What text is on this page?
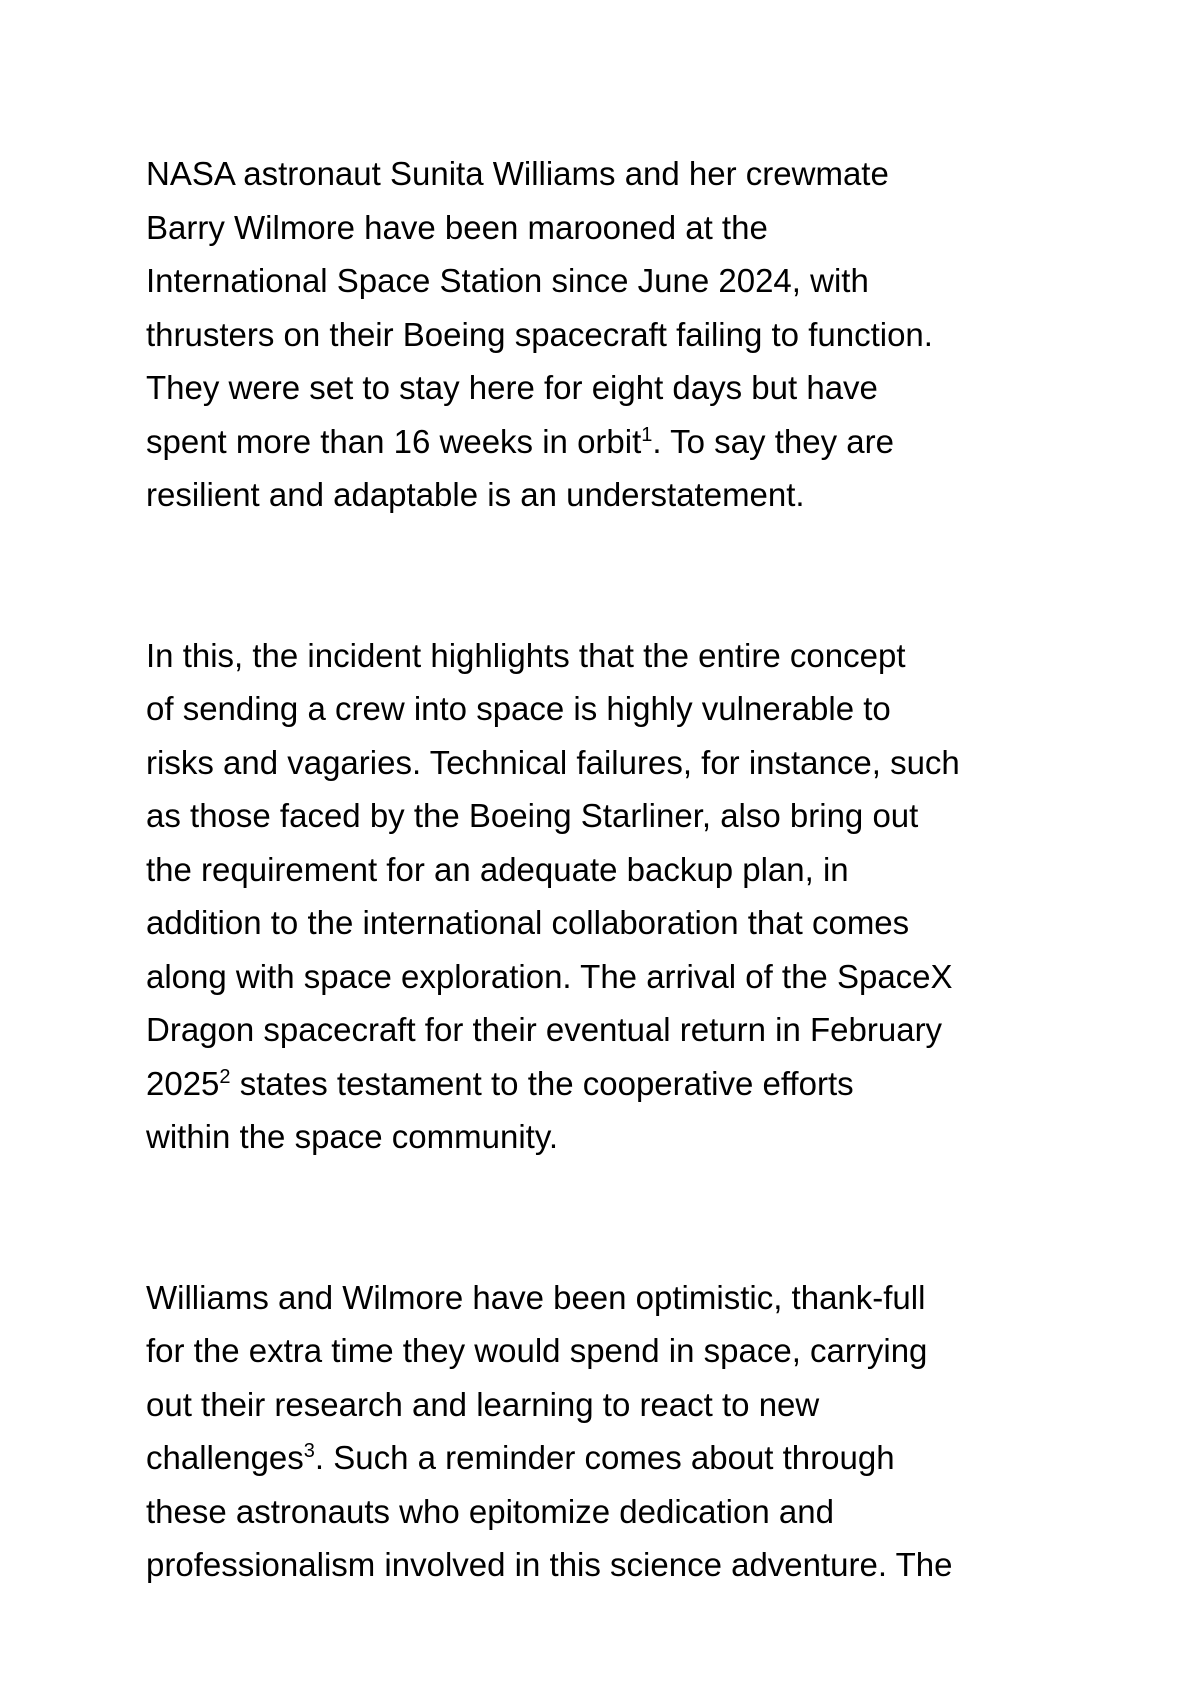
NASA astronaut Sunita Williams and her crewmate
Barry Wilmore have been marooned at the
International Space Station since June 2024, with
thrusters on their Boeing spacecraft failing to function.
They were set to stay here for eight days but have
spent more than 16 weeks in orbit$^1$. To say they are
resilient and adaptable is an understatement.
In this, the incident highlights that the entire concept
of sending a crew into space is highly vulnerable to
risks and vagaries. Technical failures, for instance, such
as those faced by the Boeing Starliner, also bring out
the requirement for an adequate backup plan, in
addition to the international collaboration that comes
along with space exploration. The arrival of the SpaceX
Dragon spacecraft for their eventual return in February
2025$^2$ states testament to the cooperative efforts
within the space community.
Williams and Wilmore have been optimistic, thank-full
for the extra time they would spend in space, carrying
out their research and learning to react to new
challenges$^3$. Such a reminder comes about through
these astronauts who epitomize dedication and
professionalism involved in this science adventure. The
